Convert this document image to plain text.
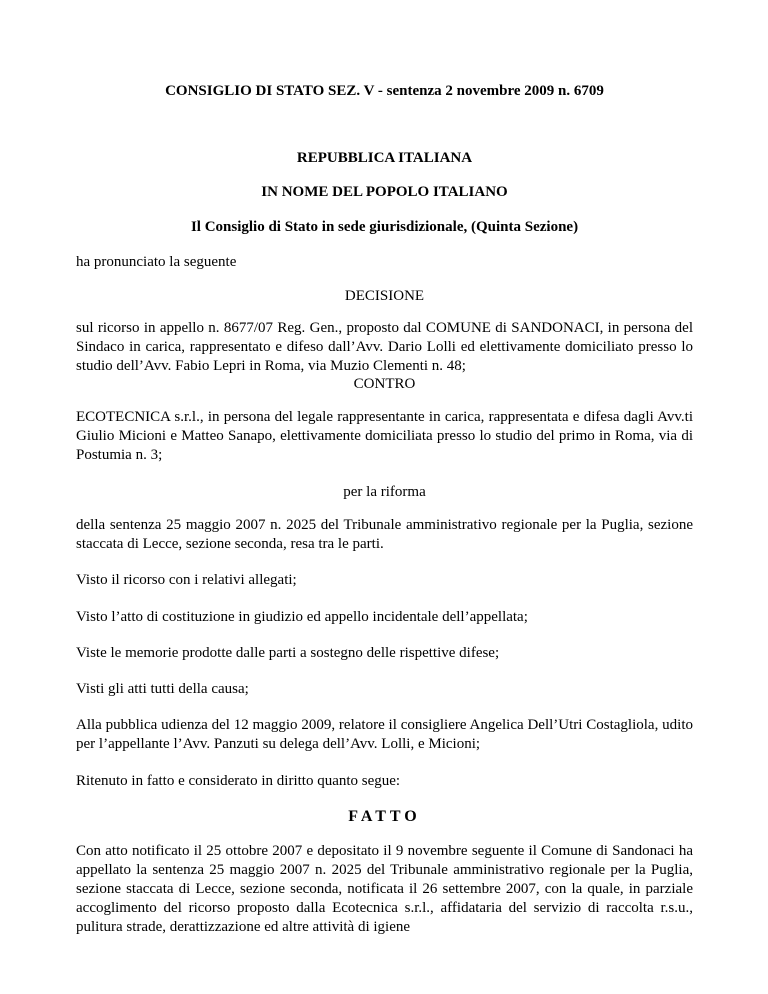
CONSIGLIO DI STATO SEZ. V - sentenza 2 novembre 2009 n. 6709

REPUBBLICA ITALIANA

IN NOME DEL POPOLO ITALIANO

Il Consiglio di Stato in sede giurisdizionale, (Quinta Sezione)

ha pronunciato la seguente

DECISIONE

sul ricorso in appello n. 8677/07 Reg. Gen., proposto dal COMUNE di SANDONACI, in persona del Sindaco in carica, rappresentato e difeso dall’Avv. Dario Lolli ed elettivamente domiciliato presso lo studio dell’Avv. Fabio Lepri in Roma, via Muzio Clementi n. 48;

CONTRO

ECOTECNICA s.r.l., in persona del legale rappresentante in carica, rappresentata e difesa dagli Avv.ti Giulio Micioni e Matteo Sanapo, elettivamente domiciliata presso lo studio del primo in Roma, via di Postumia n. 3;

per la riforma

della sentenza 25 maggio 2007 n. 2025 del Tribunale amministrativo regionale per la Puglia, sezione staccata di Lecce, sezione seconda, resa tra le parti.

Visto il ricorso con i relativi allegati;

Visto l’atto di costituzione in giudizio ed appello incidentale dell’appellata;

Viste le memorie prodotte dalle parti a sostegno delle rispettive difese;

Visti gli atti tutti della causa;

Alla pubblica udienza del 12 maggio 2009, relatore il consigliere Angelica Dell’Utri Costagliola, udito per l’appellante l’Avv. Panzuti su delega dell’Avv. Lolli, e Micioni;

Ritenuto in fatto e considerato in diritto quanto segue:

FATTO

Con atto notificato il 25 ottobre 2007 e depositato il 9 novembre seguente il Comune di Sandonaci ha appellato la sentenza 25 maggio 2007 n. 2025 del Tribunale amministrativo regionale per la Puglia, sezione staccata di Lecce, sezione seconda, notificata il 26 settembre 2007, con la quale, in parziale accoglimento del ricorso proposto dalla Ecotecnica s.r.l., affidataria del servizio di raccolta r.s.u., pulitura strade, derattizzazione ed altre attività di igiene
